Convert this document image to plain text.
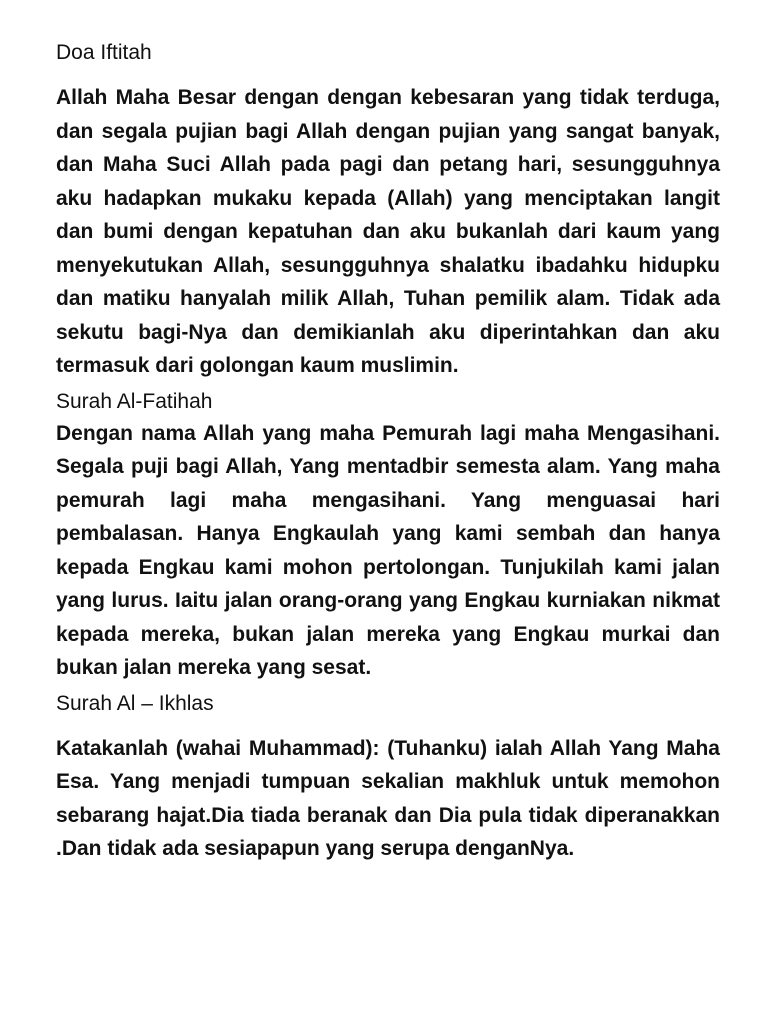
Doa Iftitah

Allah Maha Besar dengan dengan kebesaran yang tidak terduga, dan segala pujian bagi Allah dengan pujian yang sangat banyak, dan Maha Suci Allah pada pagi dan petang hari, sesungguhnya aku hadapkan mukaku kepada (Allah) yang menciptakan langit dan bumi dengan kepatuhan dan aku bukanlah dari kaum yang menyekutukan Allah, sesungguhnya shalatku ibadahku hidupku dan matiku hanyalah milik Allah, Tuhan pemilik alam. Tidak ada sekutu bagi-Nya dan demikianlah aku diperintahkan dan aku termasuk dari golongan kaum muslimin.

Surah Al-Fatihah

Dengan nama Allah yang maha Pemurah lagi maha Mengasihani. Segala puji bagi Allah, Yang mentadbir semesta alam. Yang maha pemurah lagi maha mengasihani. Yang menguasai hari pembalasan. Hanya Engkaulah yang kami sembah dan hanya kepada Engkau kami mohon pertolongan. Tunjukilah kami jalan yang lurus. Iaitu jalan orang-orang yang Engkau kurniakan nikmat kepada mereka, bukan jalan mereka yang Engkau murkai dan bukan jalan mereka yang sesat.

Surah Al – Ikhlas

Katakanlah (wahai Muhammad): (Tuhanku) ialah Allah Yang Maha Esa. Yang menjadi tumpuan sekalian makhluk untuk memohon sebarang hajat.Dia tiada beranak dan Dia pula tidak diperanakkan .Dan tidak ada sesiapapun yang serupa denganNya.
